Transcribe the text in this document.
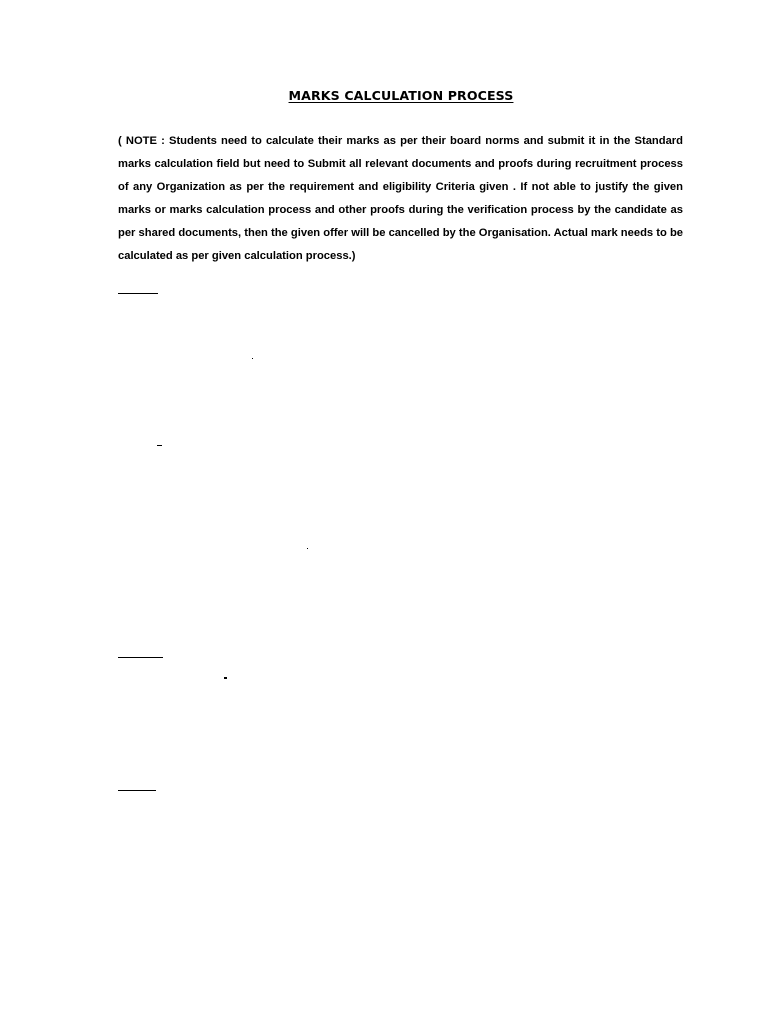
MARKS CALCULATION PROCESS

( NOTE : Students need to calculate their marks as per their board norms and submit it in the Standard marks calculation field but need to Submit all relevant documents and proofs during recruitment process of any Organization as per the requirement and eligibility Criteria given . If not able to justify the given marks or marks calculation process and other proofs during the verification process by the candidate as per shared documents, then the given offer will be cancelled by the Organisation. Actual mark needs to be calculated as per given calculation process.)
